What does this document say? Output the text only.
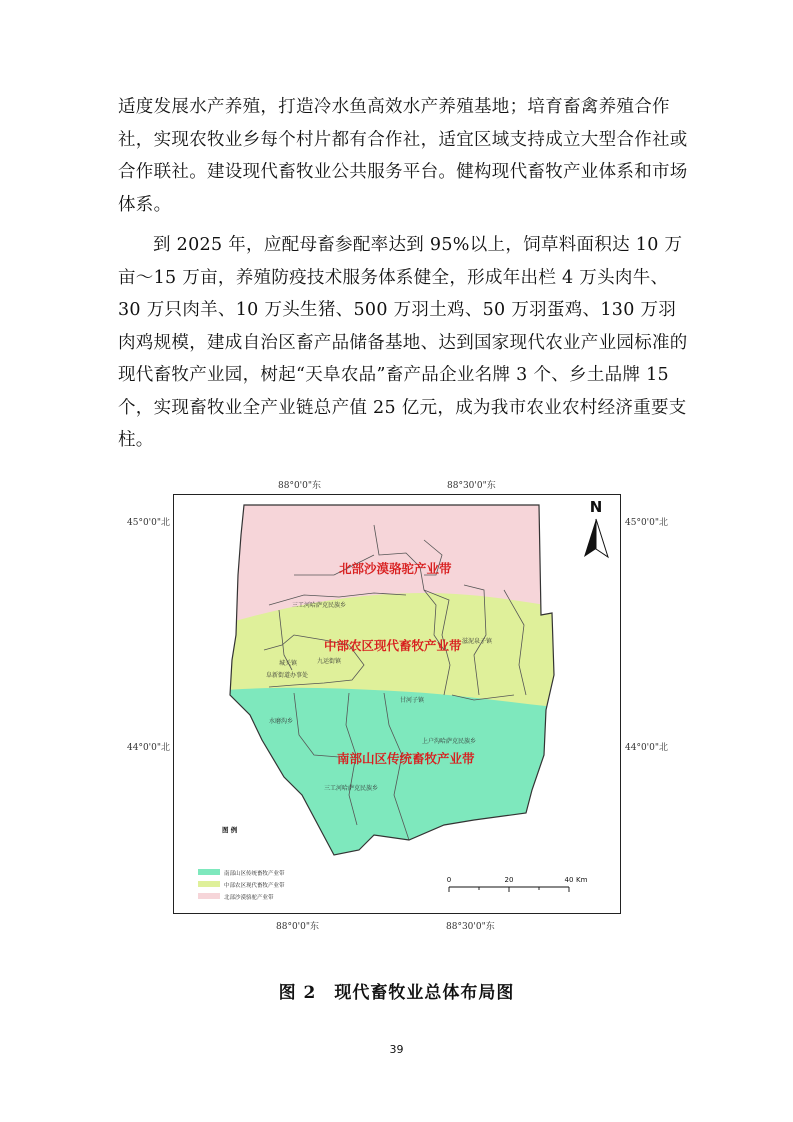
适度发展水产养殖，打造冷水鱼高效水产养殖基地；培育畜禽养殖合作社，实现农牧业乡每个村片都有合作社，适宜区域支持成立大型合作社或合作联社。建设现代畜牧业公共服务平台。健构现代畜牧产业体系和市场体系。

到 2025 年，应配母畜参配率达到 95%以上，饲草料面积达 10 万亩～15 万亩，养殖防疫技术服务体系健全，形成年出栏 4 万头肉牛、30 万只肉羊、10 万头生猪、500 万羽土鸡、50 万羽蛋鸡、130 万羽肉鸡规模，建成自治区畜产品储备基地、达到国家现代农业产业园标准的现代畜牧产业园，树起“天阜农品”畜产品企业名牌 3 个、乡土品牌 15 个，实现畜牧业全产业链总产值 25 亿元，成为我市农业农村经济重要支柱。

88°0'0"东	88°30'0"东
88°0'0"东	88°30'0"东
45°0'0"北	45°0'0"北
44°0'0"北	44°0'0"北
N
北部沙漠骆驼产业带
中部农区现代畜牧产业带
南部山区传统畜牧产业带
三工河哈萨克民族乡
滋泥泉子镇
城关镇
阜新街道办事处
九运街镇
甘河子镇
水磨沟乡
上户沟哈萨克民族乡
三工河哈萨克民族乡
图 例
南部山区传统畜牧产业带
中部农区现代畜牧产业带
北部沙漠骆驼产业带
0	20	40 Km
图 2　现代畜牧业总体布局图
39
